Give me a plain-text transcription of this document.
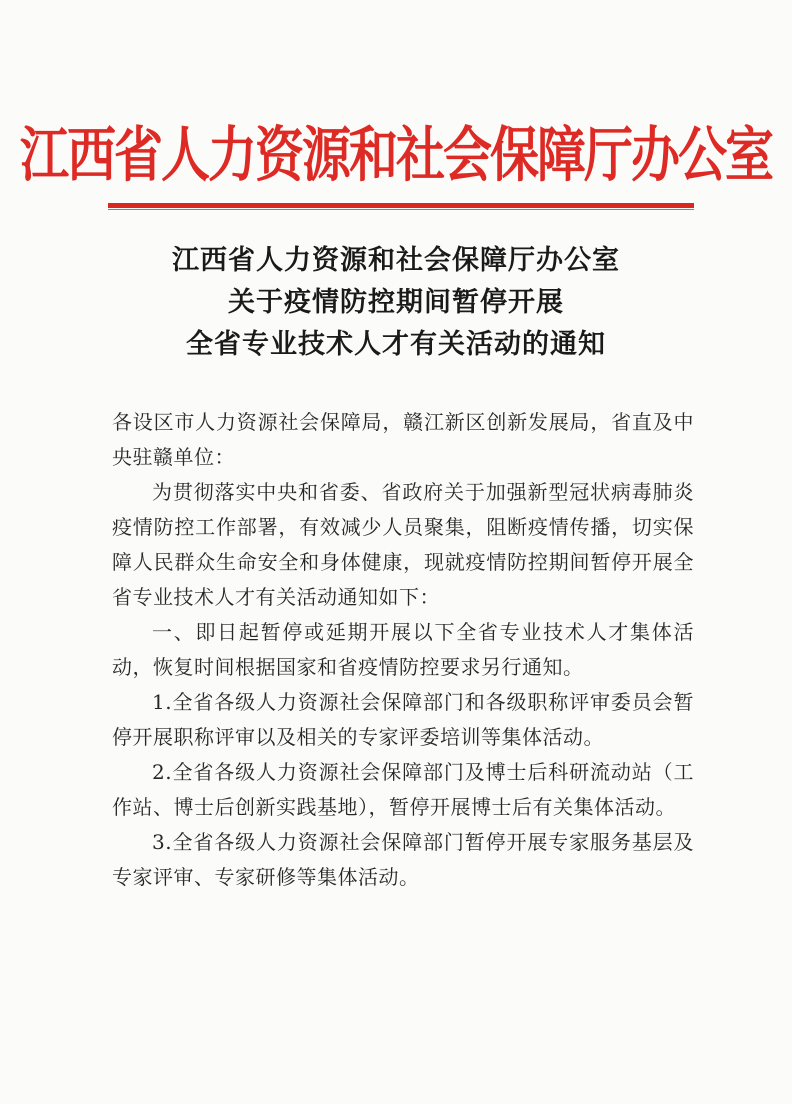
江西省人力资源和社会保障厅办公室
江西省人力资源和社会保障厅办公室
关于疫情防控期间暂停开展
全省专业技术人才有关活动的通知

各设区市人力资源社会保障局，赣江新区创新发展局，省直及中央驻赣单位：

为贯彻落实中央和省委、省政府关于加强新型冠状病毒肺炎疫情防控工作部署，有效减少人员聚集，阻断疫情传播，切实保障人民群众生命安全和身体健康，现就疫情防控期间暂停开展全省专业技术人才有关活动通知如下：

一、即日起暂停或延期开展以下全省专业技术人才集体活动，恢复时间根据国家和省疫情防控要求另行通知。

1.全省各级人力资源社会保障部门和各级职称评审委员会暂停开展职称评审以及相关的专家评委培训等集体活动。

2.全省各级人力资源社会保障部门及博士后科研流动站（工作站、博士后创新实践基地），暂停开展博士后有关集体活动。

3.全省各级人力资源社会保障部门暂停开展专家服务基层及专家评审、专家研修等集体活动。
